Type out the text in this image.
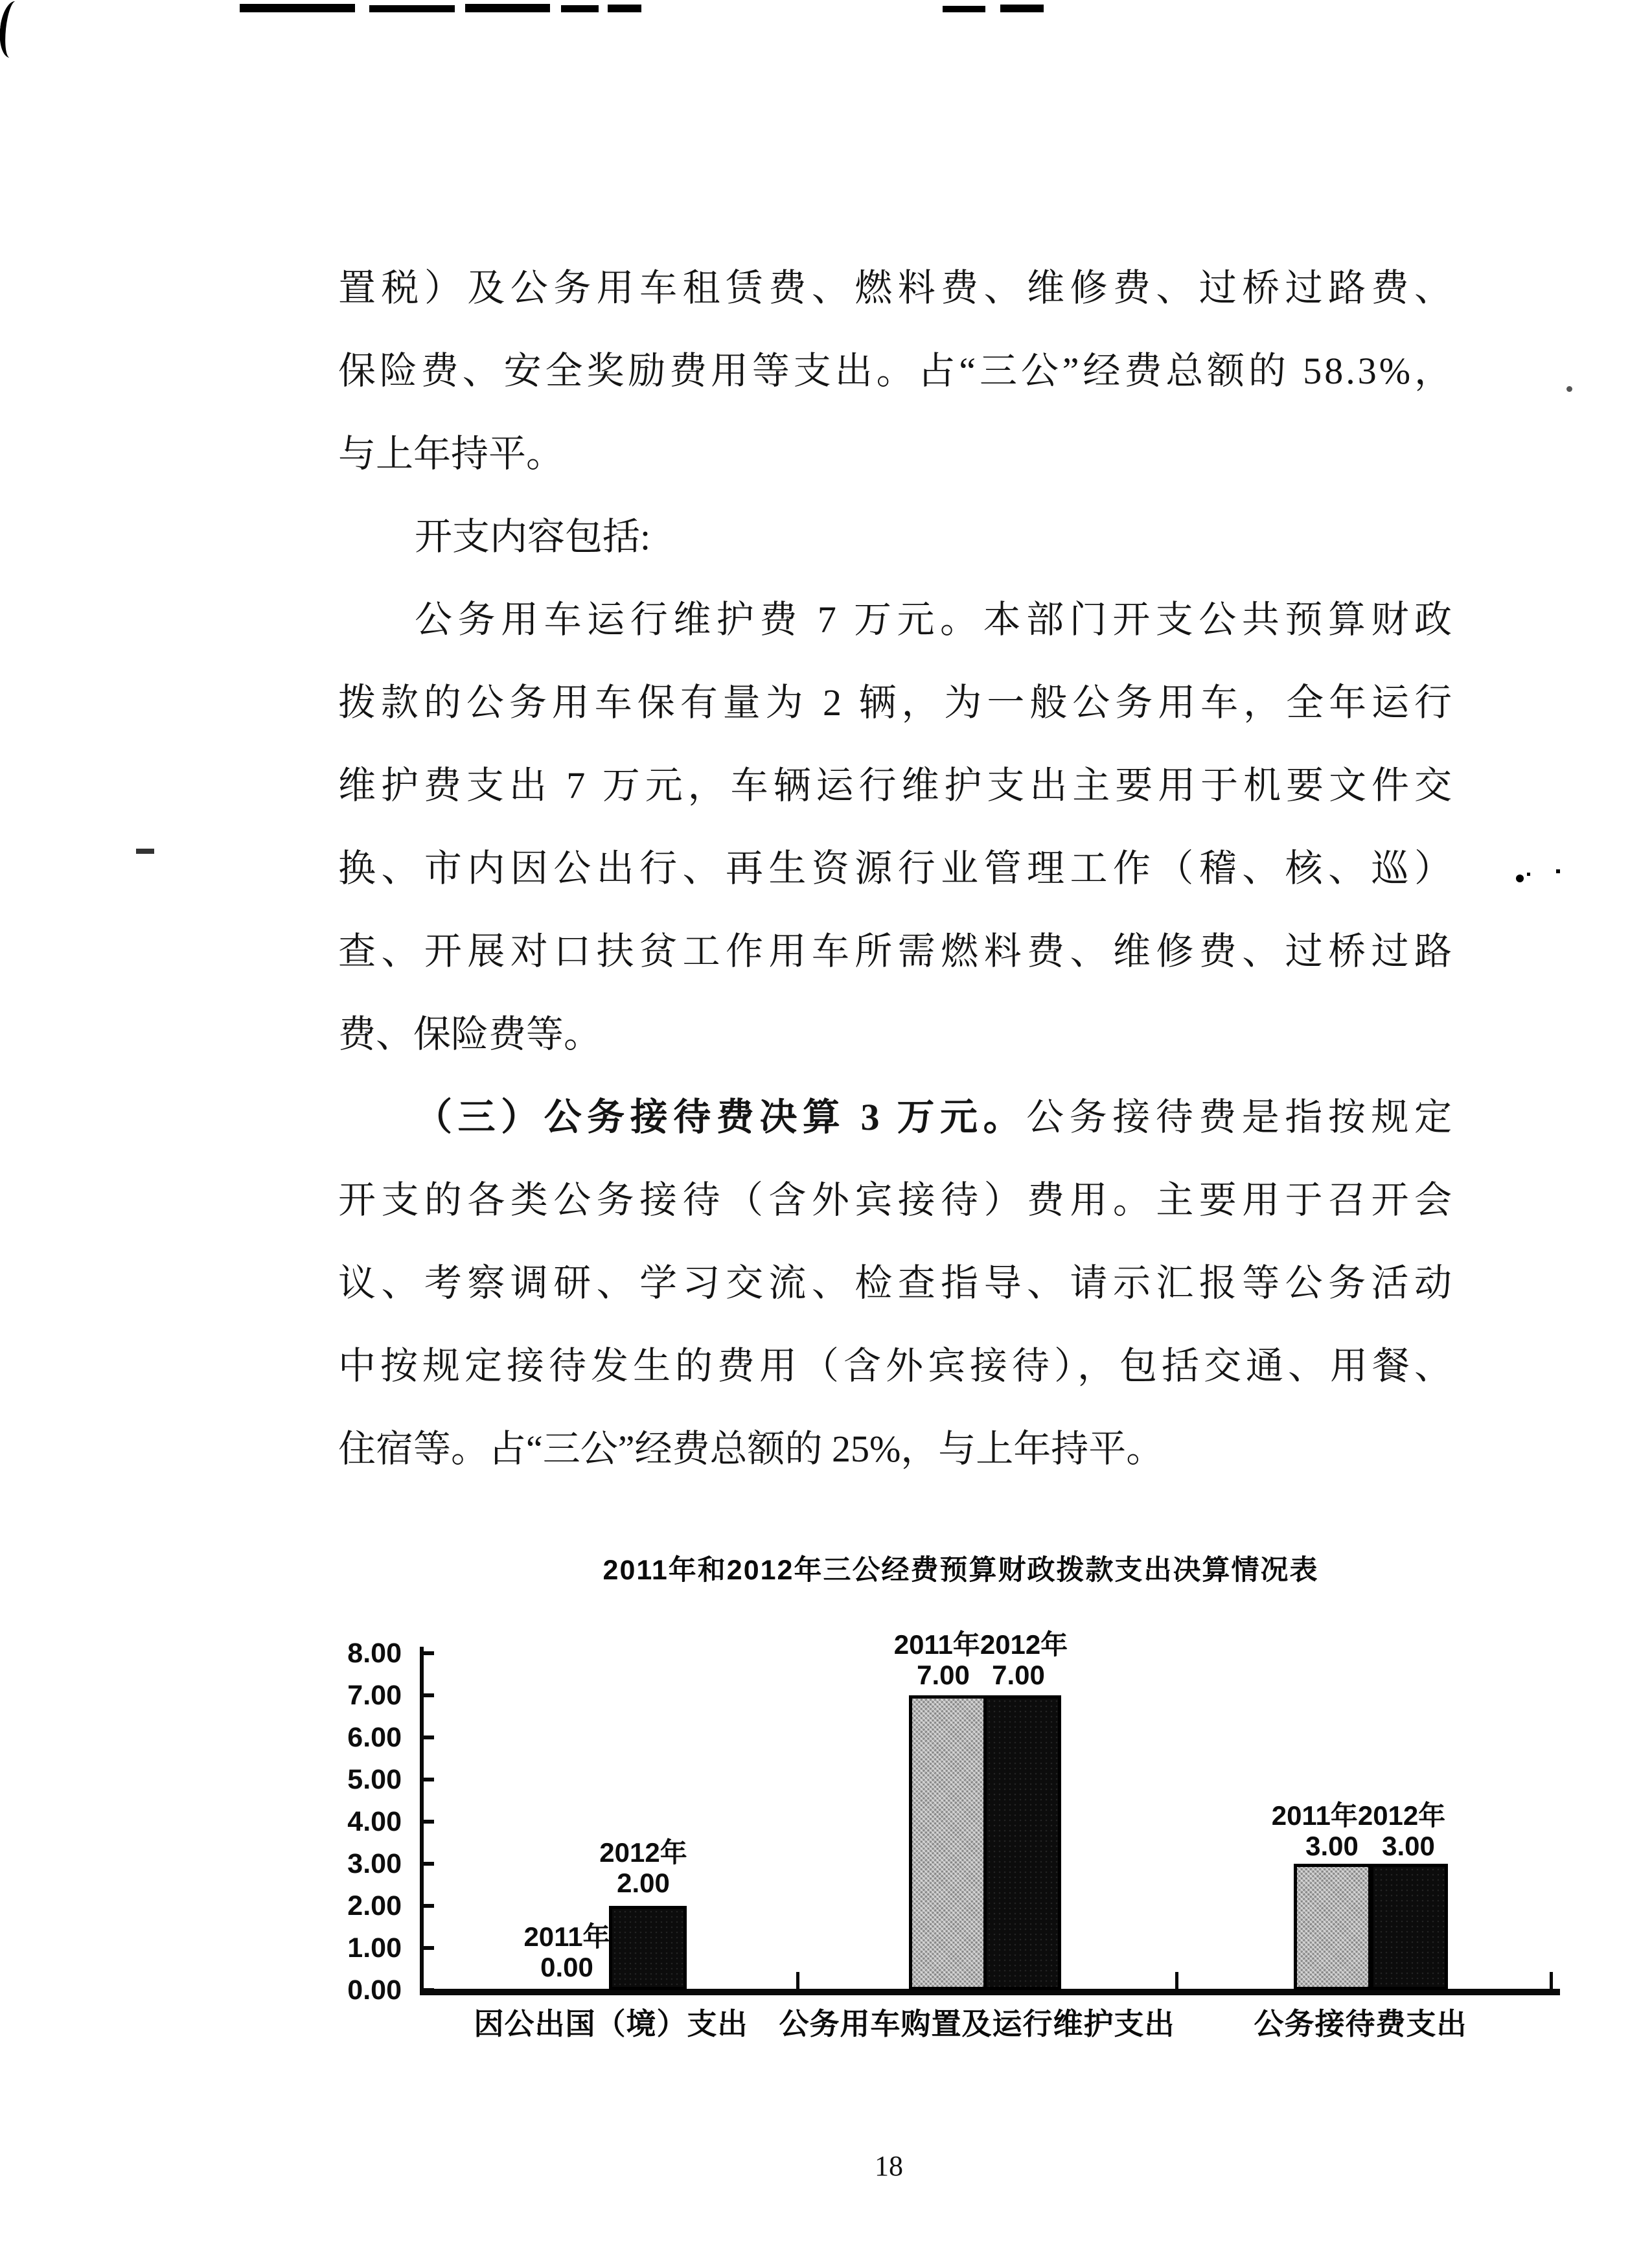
置税）及公务用车租赁费、燃料费、维修费、过桥过路费、
保险费、安全奖励费用等支出。占“三公”经费总额的 58.3%，
与上年持平。
开支内容包括:
公务用车运行维护费 7 万元。本部门开支公共预算财政
拨款的公务用车保有量为 2 辆，为一般公务用车，全年运行
维护费支出 7 万元，车辆运行维护支出主要用于机要文件交
换、市内因公出行、再生资源行业管理工作（稽、核、巡）
查、开展对口扶贫工作用车所需燃料费、维修费、过桥过路
费、保险费等。
（三）公务接待费决算 3 万元。公务接待费是指按规定
开支的各类公务接待（含外宾接待）费用。主要用于召开会
议、考察调研、学习交流、检查指导、请示汇报等公务活动
中按规定接待发生的费用（含外宾接待），包括交通、用餐、
住宿等。占“三公”经费总额的 25%，与上年持平。
2011年和2012年三公经费预算财政拨款支出决算情况表
8.00
7.00
6.00
5.00
4.00
3.00
2.00
1.00
0.00
2011年
0.00
2012年
2.00
2011年2012年
7.00 7.00
2011年2012年
3.00 3.00
因公出国（境）支出 公务用车购置及运行维护支出	公务接待费支出
18
